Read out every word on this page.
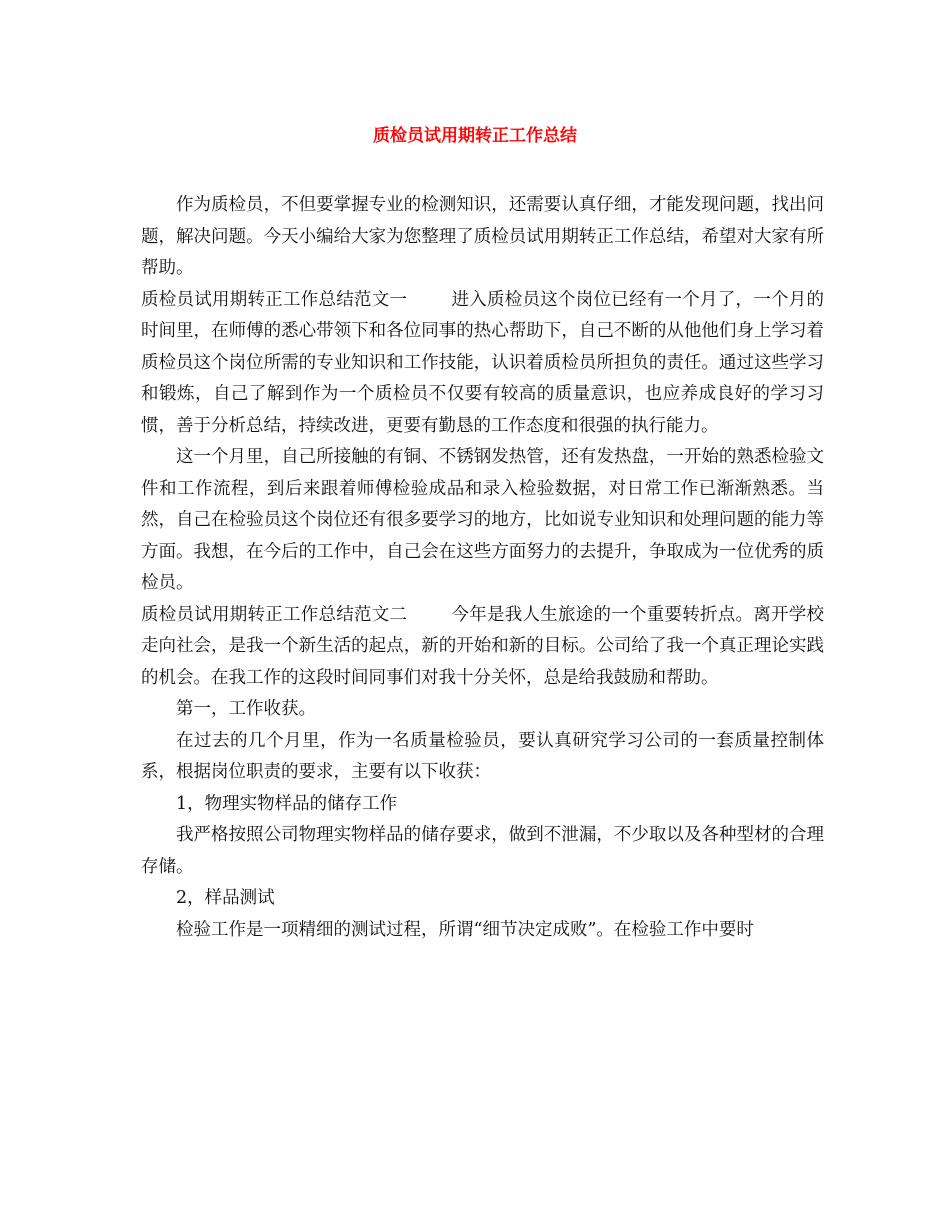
质检员试用期转正工作总结

作为质检员，不但要掌握专业的检测知识，还需要认真仔细，才能发现问题，找出问题，解决问题。今天小编给大家为您整理了质检员试用期转正工作总结，希望对大家有所帮助。

质检员试用期转正工作总结范文一	进入质检员这个岗位已经有一个月了，一个月的时间里，在师傅的悉心带领下和各位同事的热心帮助下，自己不断的从他他们身上学习着质检员这个岗位所需的专业知识和工作技能，认识着质检员所担负的责任。通过这些学习和锻炼，自己了解到作为一个质检员不仅要有较高的质量意识，也应养成良好的学习习惯，善于分析总结，持续改进，更要有勤恳的工作态度和很强的执行能力。

这一个月里，自己所接触的有铜、不锈钢发热管，还有发热盘，一开始的熟悉检验文件和工作流程，到后来跟着师傅检验成品和录入检验数据，对日常工作已渐渐熟悉。当然，自己在检验员这个岗位还有很多要学习的地方，比如说专业知识和处理问题的能力等方面。我想，在今后的工作中，自己会在这些方面努力的去提升，争取成为一位优秀的质检员。

质检员试用期转正工作总结范文二	今年是我人生旅途的一个重要转折点。离开学校走向社会，是我一个新生活的起点，新的开始和新的目标。公司给了我一个真正理论实践的机会。在我工作的这段时间同事们对我十分关怀，总是给我鼓励和帮助。

第一，工作收获。

在过去的几个月里，作为一名质量检验员，要认真研究学习公司的一套质量控制体系，根据岗位职责的要求，主要有以下收获：

1，物理实物样品的储存工作

我严格按照公司物理实物样品的储存要求，做到不泄漏，不少取以及各种型材的合理存储。

2，样品测试

检验工作是一项精细的测试过程，所谓“细节决定成败”。在检验工作中要时
